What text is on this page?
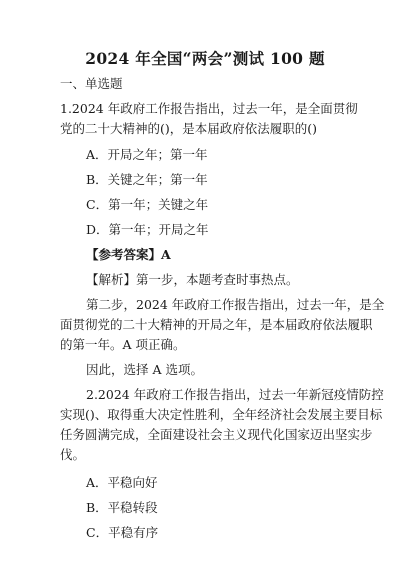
2024 年全国“两会”测试 100 题
一、单选题
1.2024 年政府工作报告指出，过去一年，是全面贯彻
党的二十大精神的()，是本届政府依法履职的()
A．开局之年；第一年
B．关键之年；第一年
C．第一年；关键之年
D．第一年；开局之年
【参考答案】A
【解析】第一步，本题考查时事热点。
第二步，2024 年政府工作报告指出，过去一年，是全
面贯彻党的二十大精神的开局之年，是本届政府依法履职
的第一年。A 项正确。
因此，选择 A 选项。
2.2024 年政府工作报告指出，过去一年新冠疫情防控
实现()、取得重大决定性胜利，全年经济社会发展主要目标
任务圆满完成，全面建设社会主义现代化国家迈出坚实步
伐。
A．平稳向好
B．平稳转段
C．平稳有序
